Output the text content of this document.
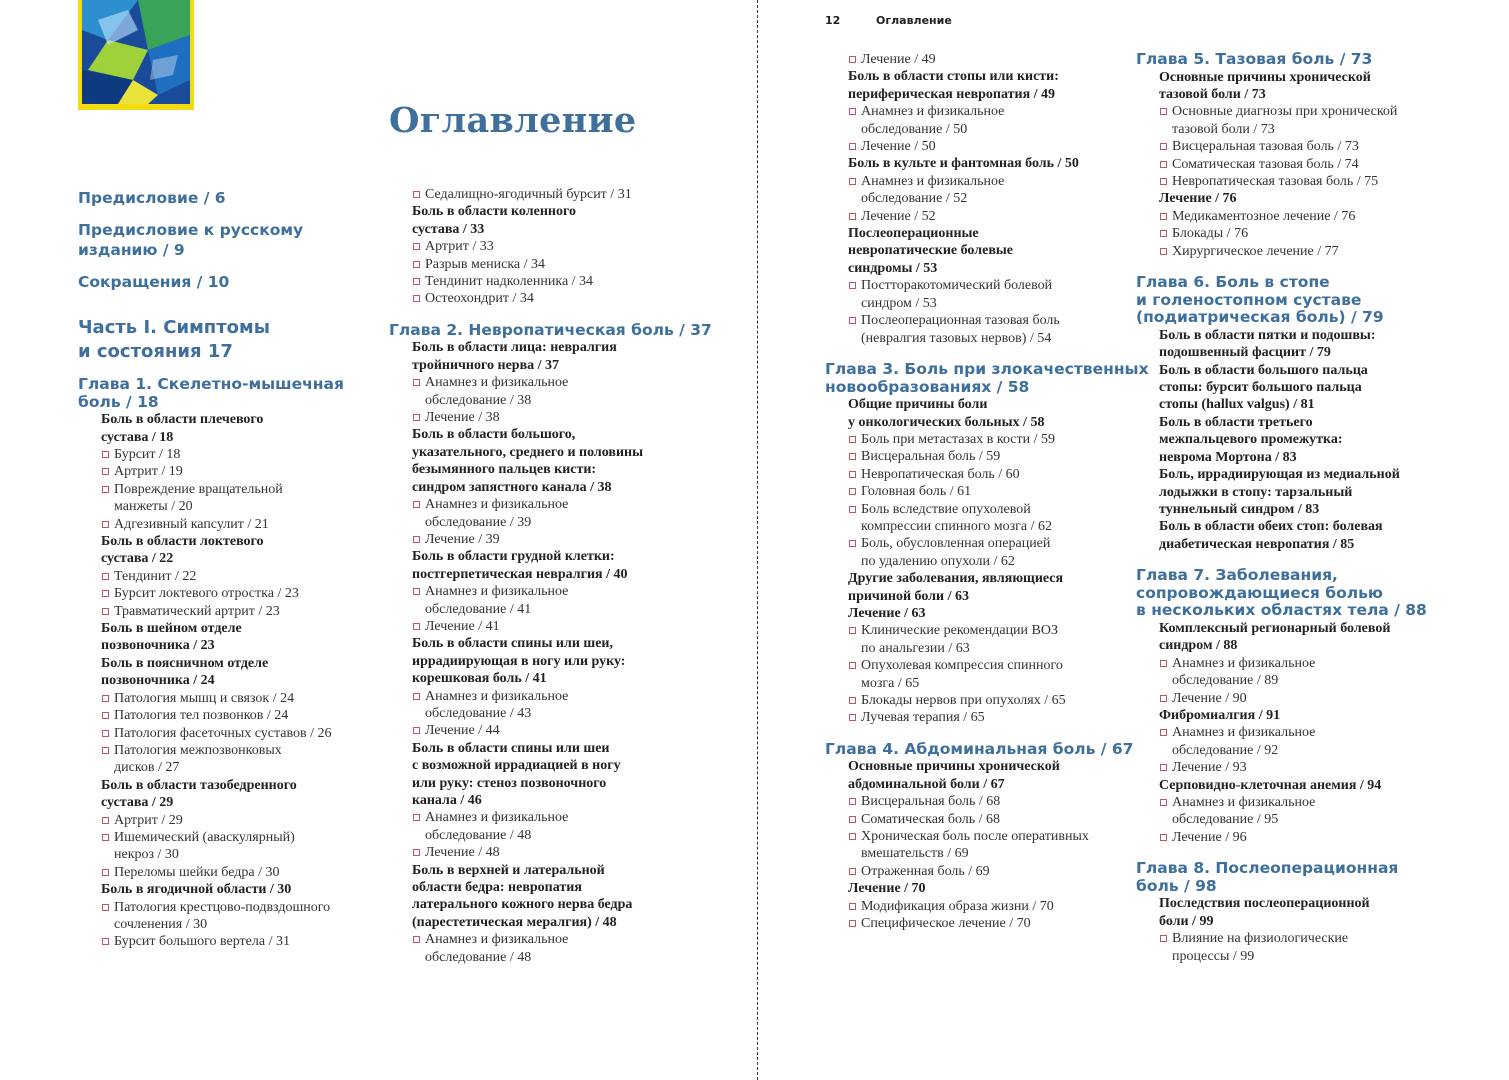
Оглавление
12	Оглавление
Предисловие / 6
Предисловие к русскому
изданию / 9
Сокращения / 10
Часть I. Симптомы
и состояния 17
Глава 1. Скелетно-мышечная
боль / 18
Боль в области плечевого
сустава / 18
Бурсит / 18
Артрит / 19
Повреждение вращательной
манжеты / 20
Адгезивный капсулит / 21
Боль в области локтевого
сустава / 22
Тендинит / 22
Бурсит локтевого отростка / 23
Травматический артрит / 23
Боль в шейном отделе
позвоночника / 23
Боль в поясничном отделе
позвоночника / 24
Патология мышц и связок / 24
Патология тел позвонков / 24
Патология фасеточных суставов / 26
Патология межпозвонковых
дисков / 27
Боль в области тазобедренного
сустава / 29
Артрит / 29
Ишемический (аваскулярный)
некроз / 30
Переломы шейки бедра / 30
Боль в ягодичной области / 30
Патология крестцово-подвздошного
сочленения / 30
Бурсит большого вертела / 31
Седалищно-ягодичный бурсит / 31
Боль в области коленного
сустава / 33
Артрит / 33
Разрыв мениска / 34
Тендинит надколенника / 34
Остеохондрит / 34
Глава 2. Невропатическая боль / 37
Боль в области лица: невралгия
тройничного нерва / 37
Анамнез и физикальное
обследование / 38
Лечение / 38
Боль в области большого,
указательного, среднего и половины
безымянного пальцев кисти:
синдром запястного канала / 38
Анамнез и физикальное
обследование / 39
Лечение / 39
Боль в области грудной клетки:
постгерпетическая невралгия / 40
Анамнез и физикальное
обследование / 41
Лечение / 41
Боль в области спины или шеи,
иррадиирующая в ногу или руку:
корешковая боль / 41
Анамнез и физикальное
обследование / 43
Лечение / 44
Боль в области спины или шеи
с возможной иррадиацией в ногу
или руку: стеноз позвоночного
канала / 46
Анамнез и физикальное
обследование / 48
Лечение / 48
Боль в верхней и латеральной
области бедра: невропатия
латерального кожного нерва бедра
(парестетическая мералгия) / 48
Анамнез и физикальное
обследование / 48
Лечение / 49
Боль в области стопы или кисти:
периферическая невропатия / 49
Анамнез и физикальное
обследование / 50
Лечение / 50
Боль в культе и фантомная боль / 50
Анамнез и физикальное
обследование / 52
Лечение / 52
Послеоперационные
невропатические болевые
синдромы / 53
Постторакотомический болевой
синдром / 53
Послеоперационная тазовая боль
(невралгия тазовых нервов) / 54
Глава 3. Боль при злокачественных
новообразованиях / 58
Общие причины боли
у онкологических больных / 58
Боль при метастазах в кости / 59
Висцеральная боль / 59
Невропатическая боль / 60
Головная боль / 61
Боль вследствие опухолевой
компрессии спинного мозга / 62
Боль, обусловленная операцией
по удалению опухоли / 62
Другие заболевания, являющиеся
причиной боли / 63
Лечение / 63
Клинические рекомендации ВОЗ
по анальгезии / 63
Опухолевая компрессия спинного
мозга / 65
Блокады нервов при опухолях / 65
Лучевая терапия / 65
Глава 4. Абдоминальная боль / 67
Основные причины хронической
абдоминальной боли / 67
Висцеральная боль / 68
Соматическая боль / 68
Хроническая боль после оперативных
вмешательств / 69
Отраженная боль / 69
Лечение / 70
Модификация образа жизни / 70
Специфическое лечение / 70
Глава 5. Тазовая боль / 73
Основные причины хронической
тазовой боли / 73
Основные диагнозы при хронической
тазовой боли / 73
Висцеральная тазовая боль / 73
Соматическая тазовая боль / 74
Невропатическая тазовая боль / 75
Лечение / 76
Медикаментозное лечение / 76
Блокады / 76
Хирургическое лечение / 77
Глава 6. Боль в стопе
и голеностопном суставе
(подиатрическая боль) / 79
Боль в области пятки и подошвы:
подошвенный фасциит / 79
Боль в области большого пальца
стопы: бурсит большого пальца
стопы (hallux valgus) / 81
Боль в области третьего
межпальцевого промежутка:
неврома Мортона / 83
Боль, иррадиирующая из медиальной
лодыжки в стопу: тарзальный
туннельный синдром / 83
Боль в области обеих стоп: болевая
диабетическая невропатия / 85
Глава 7. Заболевания,
сопровождающиеся болью
в нескольких областях тела / 88
Комплексный регионарный болевой
синдром / 88
Анамнез и физикальное
обследование / 89
Лечение / 90
Фибромиалгия / 91
Анамнез и физикальное
обследование / 92
Лечение / 93
Серповидно-клеточная анемия / 94
Анамнез и физикальное
обследование / 95
Лечение / 96
Глава 8. Послеоперационная
боль / 98
Последствия послеоперационной
боли / 99
Влияние на физиологические
процессы / 99
